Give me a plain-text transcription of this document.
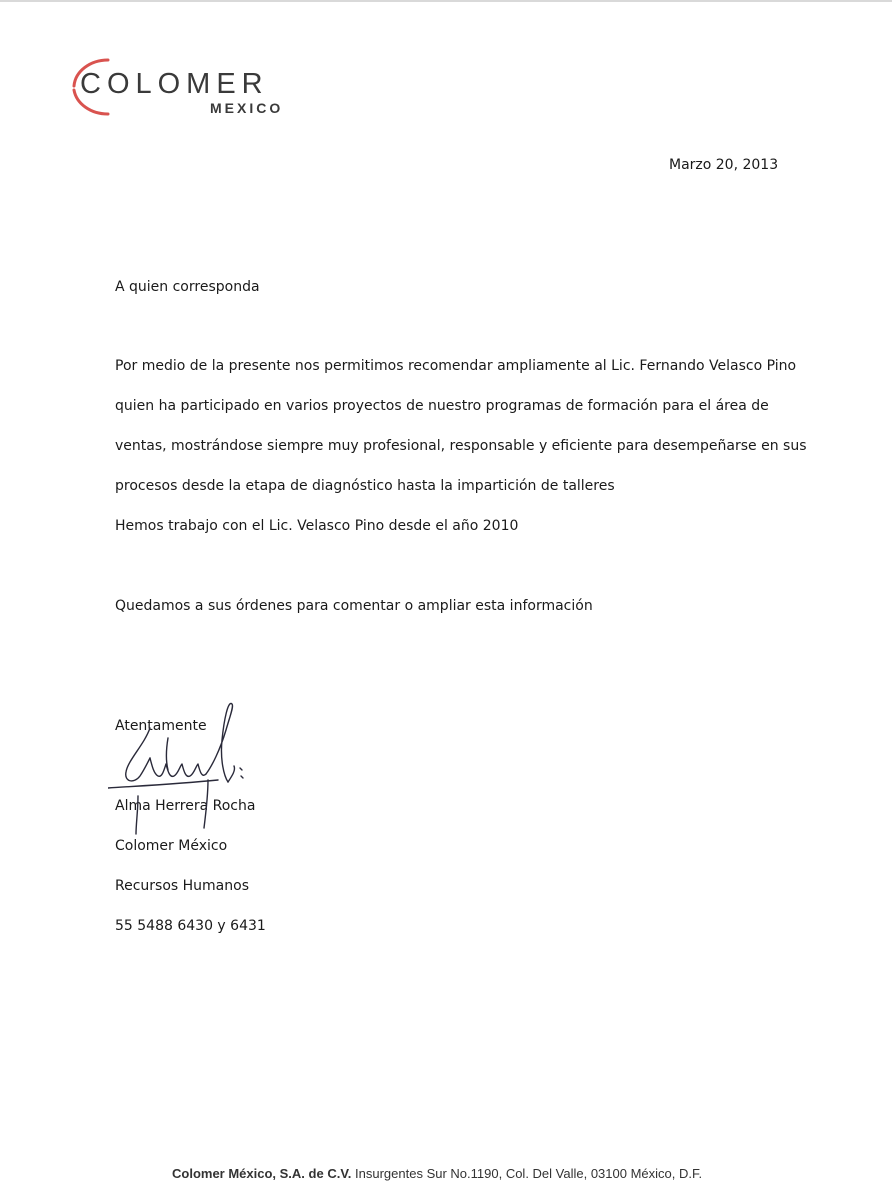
COLOMER
MEXICO
Marzo 20, 2013
A quien corresponda
Por medio de la presente nos permitimos recomendar ampliamente al Lic. Fernando Velasco Pino
quien ha participado en varios proyectos de nuestro programas de formación para el área de
ventas, mostrándose siempre muy profesional, responsable y eficiente para desempeñarse en sus
procesos desde la etapa de diagnóstico hasta la impartición de talleres
Hemos trabajo con el Lic. Velasco Pino desde el año 2010
Quedamos a sus órdenes para comentar o ampliar esta información
Atentamente
Alma Herrera Rocha
Colomer México
Recursos Humanos
55 5488 6430 y 6431
Colomer México, S.A. de C.V. Insurgentes Sur No.1190, Col. Del Valle, 03100 México, D.F.
